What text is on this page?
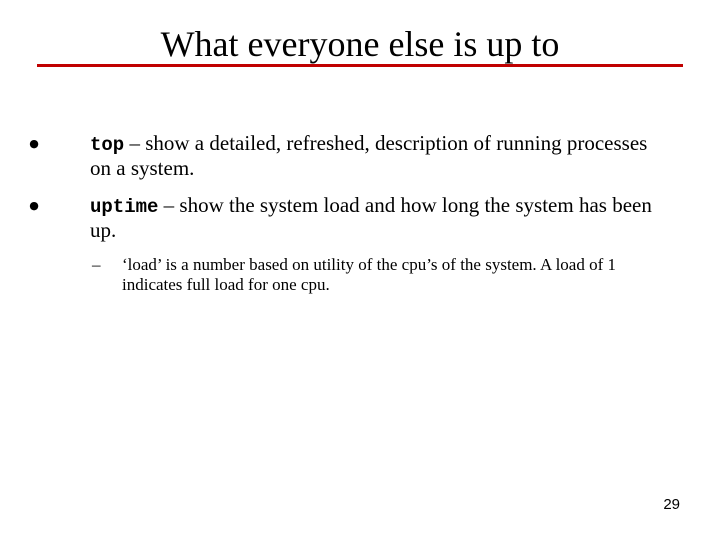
What everyone else is up to
●	top – show a detailed, refreshed, description of running processes on a system.
●	uptime – show the system load and how long the system has been up.
– ‘load’ is a number based on utility of the cpu’s of the system. A load of 1 indicates full load for one cpu.
29
